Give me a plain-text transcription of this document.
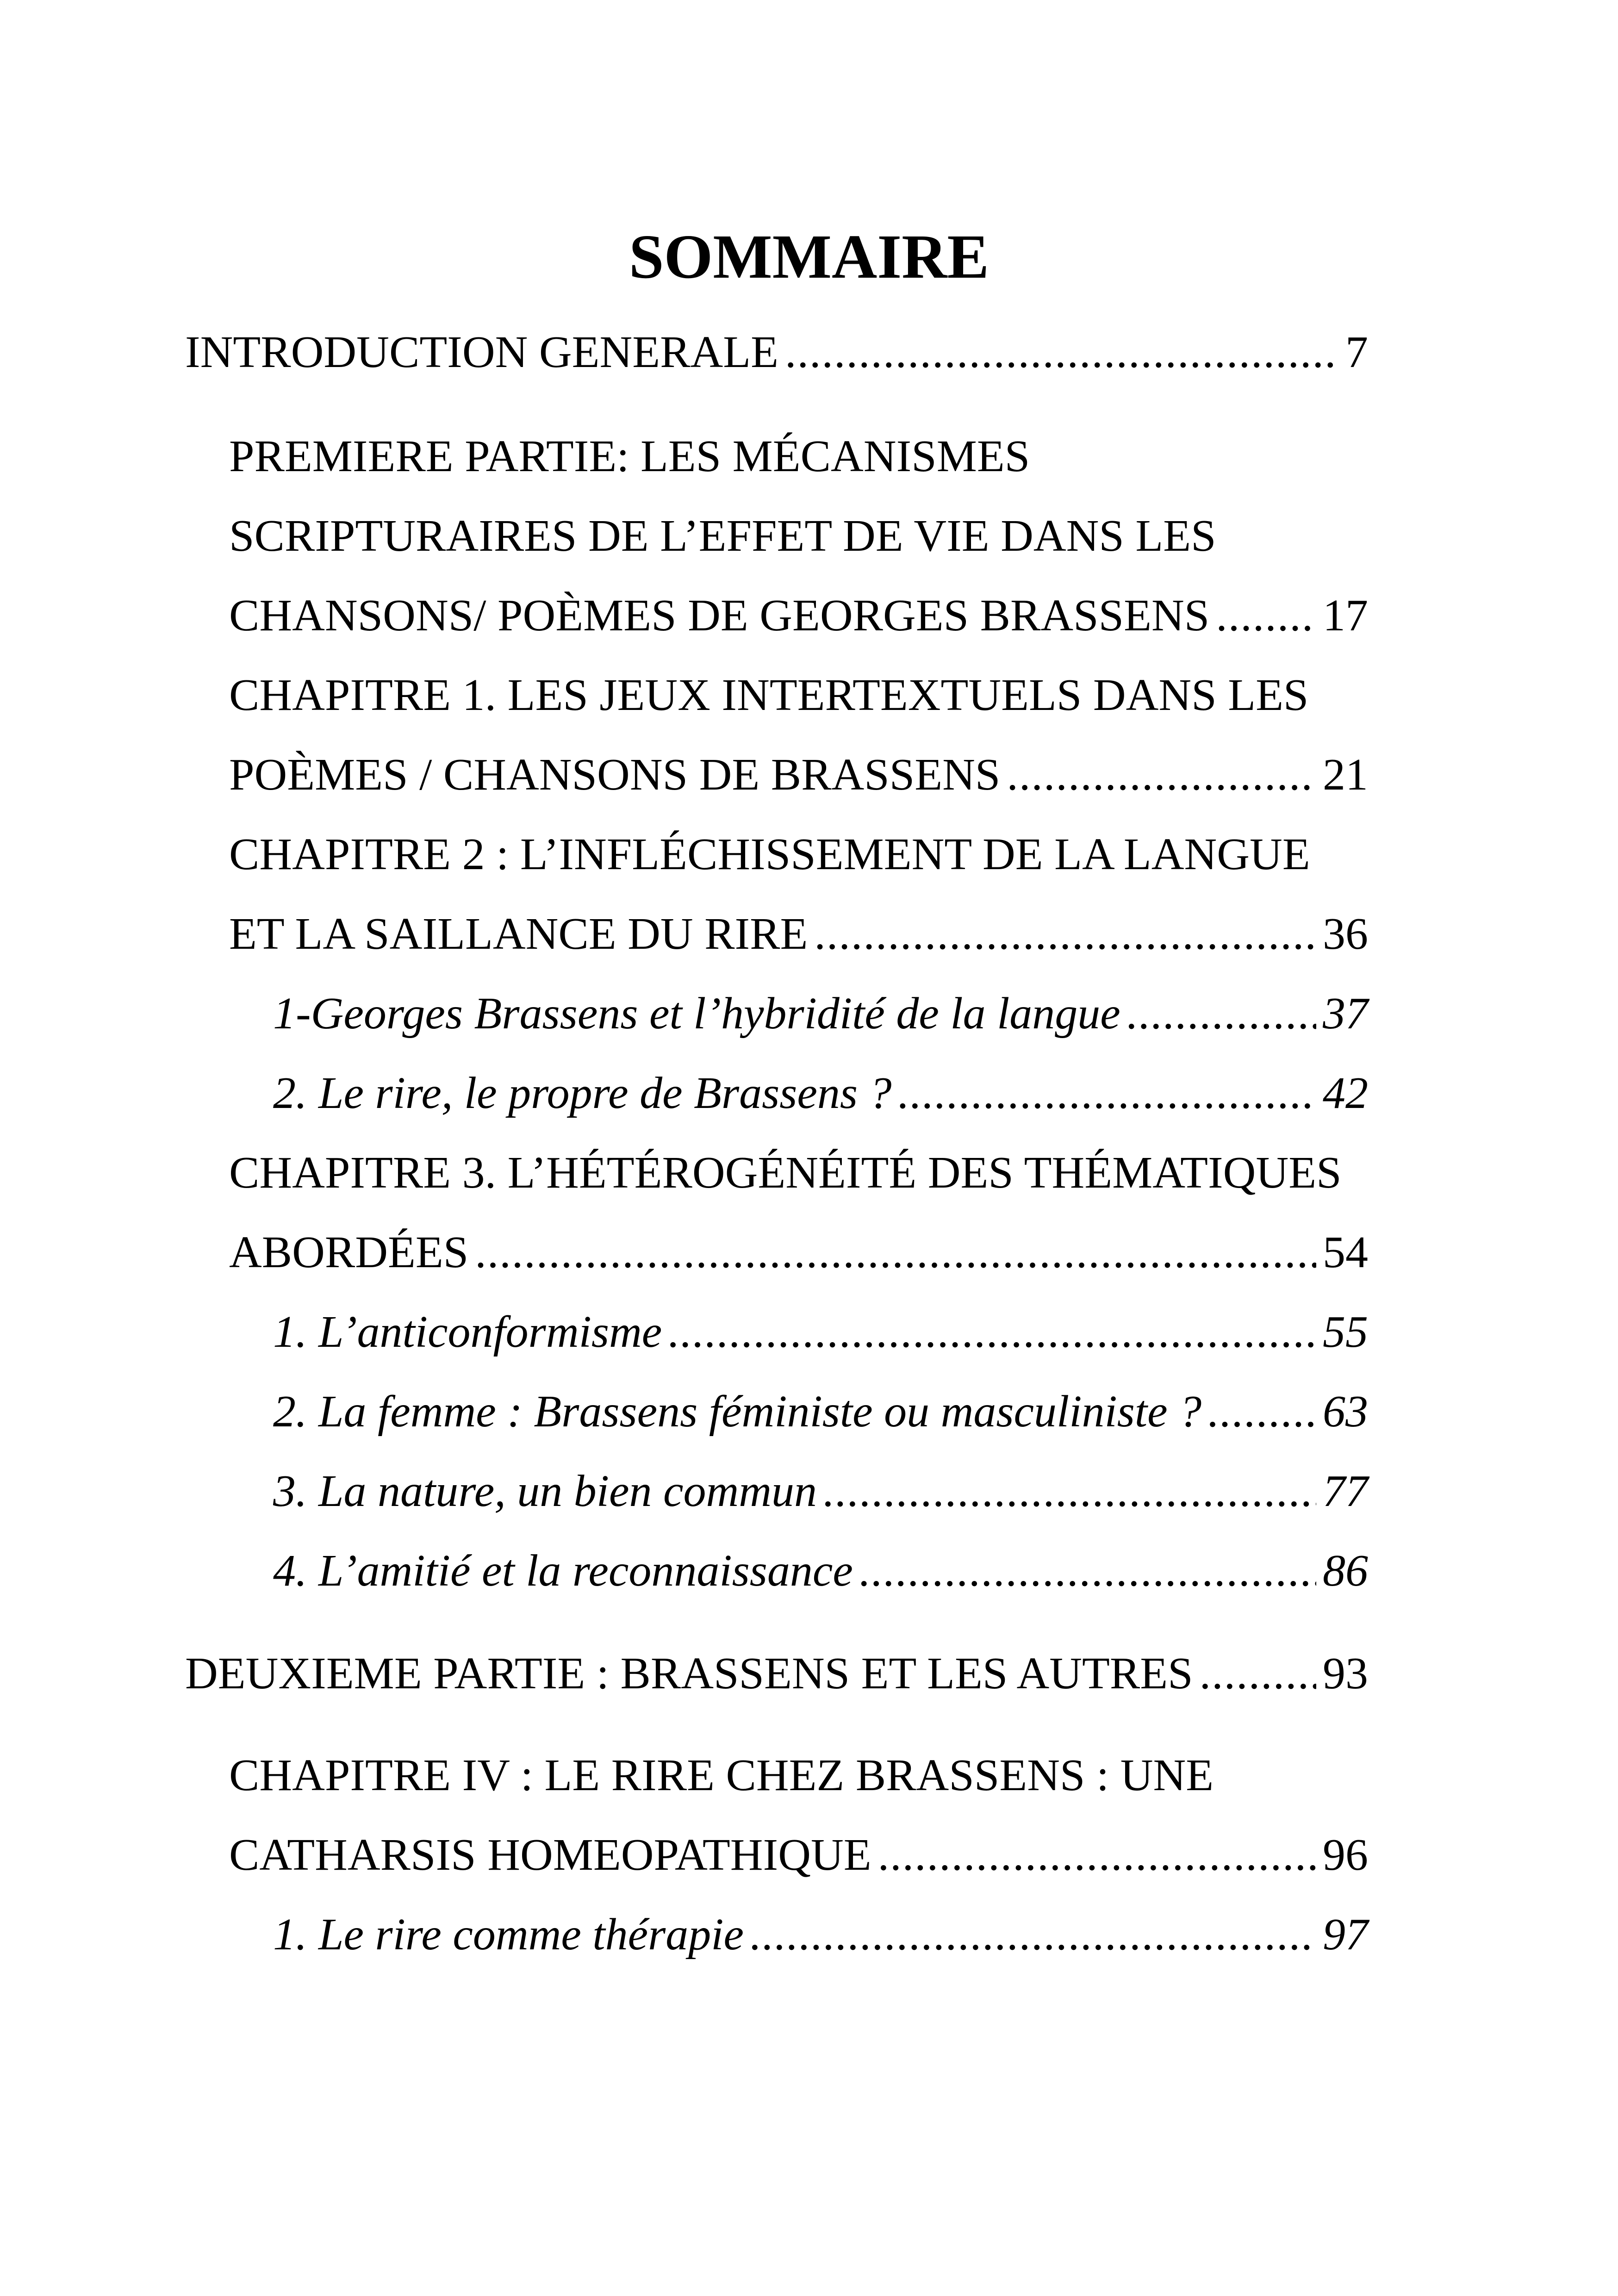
SOMMAIRE
INTRODUCTION GENERALE .....	7
PREMIERE PARTIE: LES MÉCANISMES
SCRIPTURAIRES DE L’EFFET DE VIE DANS LES
CHANSONS/ POÈMES DE GEORGES BRASSENS ..... 17
CHAPITRE 1. LES JEUX INTERTEXTUELS DANS LES
POÈMES / CHANSONS DE BRASSENS .....	21
CHAPITRE 2 : L’INFLÉCHISSEMENT DE LA LANGUE
ET LA SAILLANCE DU RIRE .....	36
1-Georges Brassens et l’hybridité de la langue .....	37
2. Le rire, le propre de Brassens ? .....	42
CHAPITRE 3. L’HÉTÉROGÉNÉITÉ DES THÉMATIQUES
ABORDÉES .....	54
1. L’anticonformisme .....	55
2. La femme : Brassens féministe ou masculiniste ? .....	63
3. La nature, un bien commun .....	77
4. L’amitié et la reconnaissance .....	86
DEUXIEME PARTIE : BRASSENS ET LES AUTRES .....	93
CHAPITRE IV : LE RIRE CHEZ BRASSENS : UNE
CATHARSIS HOMEOPATHIQUE .....	96
1. Le rire comme thérapie .....	97
